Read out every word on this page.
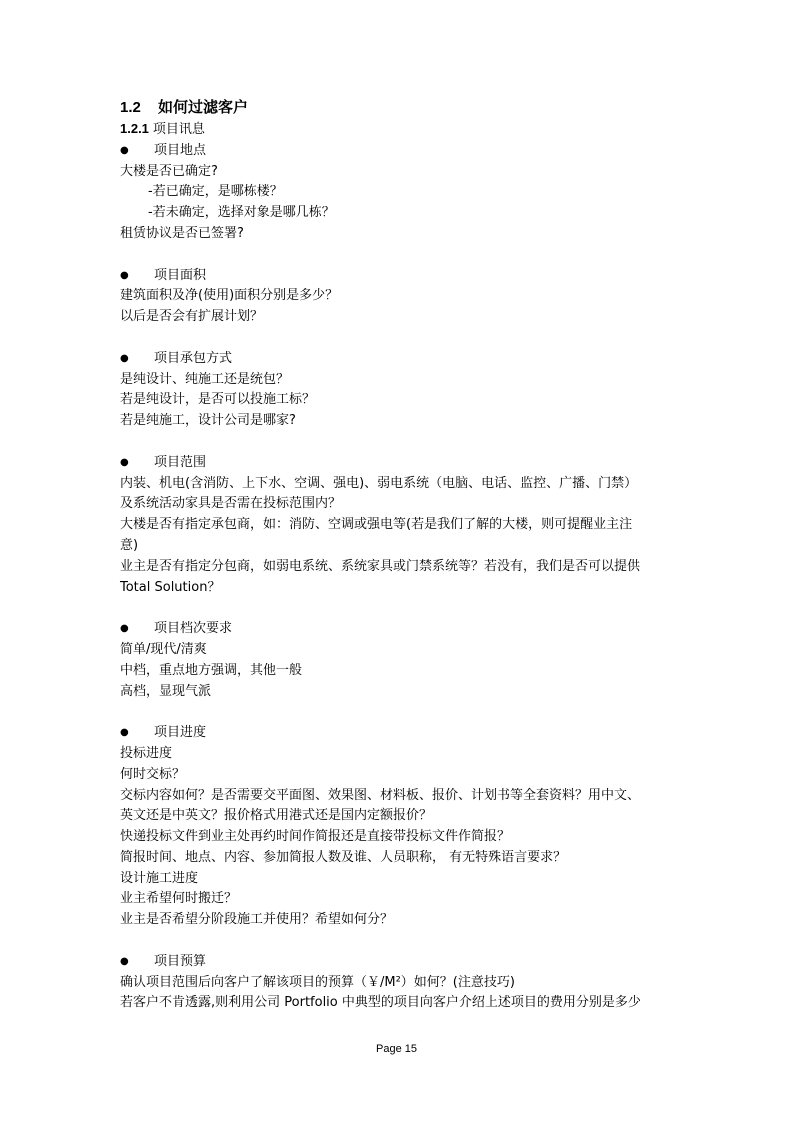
1.2 如何过滤客户
1.2.1 项目讯息
●	项目地点
大楼是否已确定?
-若已确定，是哪栋楼？
-若未确定，选择对象是哪几栋？
租赁协议是否已签署?
●	项目面积
建筑面积及净(使用)面积分别是多少？
以后是否会有扩展计划？
●	项目承包方式
是纯设计、纯施工还是统包？
若是纯设计，是否可以投施工标？
若是纯施工，设计公司是哪家?
●	项目范围
内装、机电(含消防、上下水、空调、强电)、弱电系统（电脑、电话、监控、广播、门禁）
及系统活动家具是否需在投标范围内？
大楼是否有指定承包商，如：消防、空调或强电等(若是我们了解的大楼，则可提醒业主注
意)
业主是否有指定分包商，如弱电系统、系统家具或门禁系统等？若没有，我们是否可以提供
Total Solution？
●	项目档次要求
简单/现代/清爽
中档，重点地方强调，其他一般
高档，显现气派
●	项目进度
投标进度
何时交标？
交标内容如何？是否需要交平面图、效果图、材料板、报价、计划书等全套资料？用中文、
英文还是中英文？报价格式用港式还是国内定额报价？
快递投标文件到业主处再约时间作简报还是直接带投标文件作简报？
简报时间、地点、内容、参加简报人数及谁、人员职称， 有无特殊语言要求？
设计施工进度
业主希望何时搬迁？
业主是否希望分阶段施工并使用？希望如何分？
●	项目预算
确认项目范围后向客户了解该项目的预算（￥/M²）如何？(注意技巧)
若客户不肯透露,则利用公司 Portfolio 中典型的项目向客户介绍上述项目的费用分别是多少
Page 15
